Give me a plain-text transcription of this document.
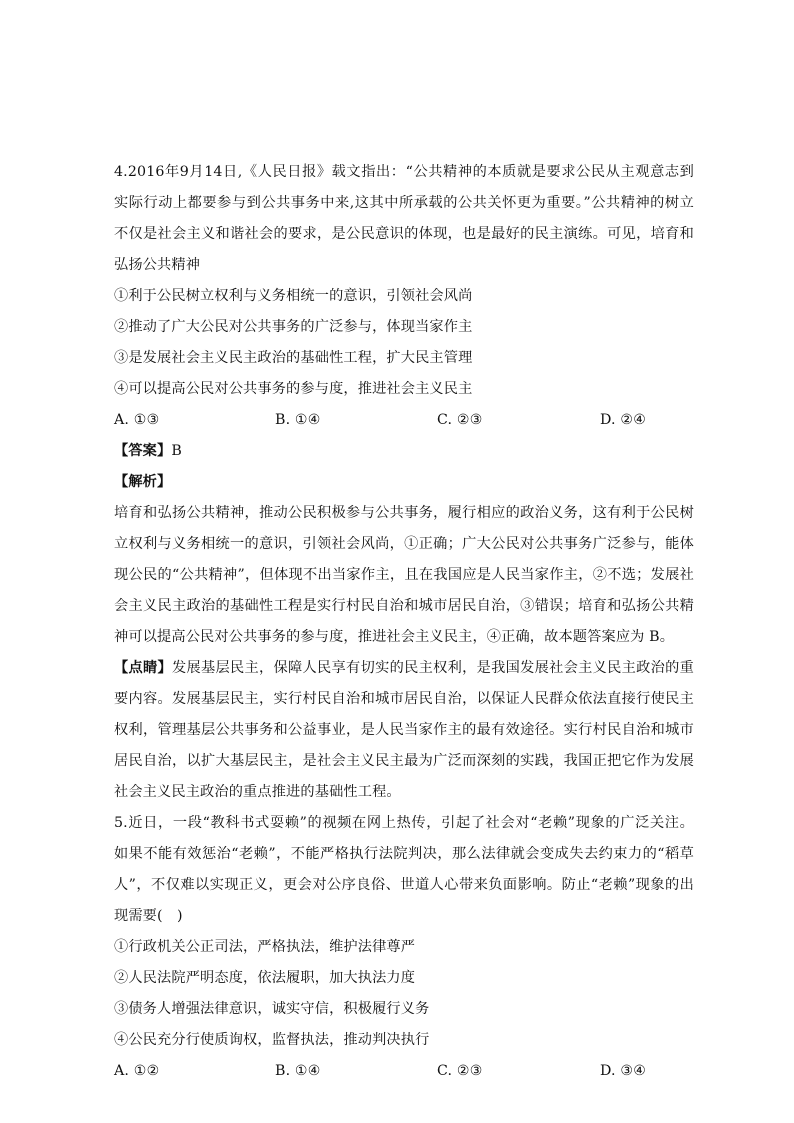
4.2016年9月14日,《人民日报》载文指出：“公共精神的本质就是要求公民从主观意志到
实际行动上都要参与到公共事务中来,这其中所承载的公共关怀更为重要。”公共精神的树立
不仅是社会主义和谐社会的要求，是公民意识的体现，也是最好的民主演练。可见，培育和
弘扬公共精神
①利于公民树立权利与义务相统一的意识，引领社会风尚
②推动了广大公民对公共事务的广泛参与，体现当家作主
③是发展社会主义民主政治的基础性工程，扩大民主管理
④可以提高公民对公共事务的参与度，推进社会主义民主
A. ①③	B. ①④	C. ②③	D. ②④
【答案】B
【解析】
培育和弘扬公共精神，推动公民积极参与公共事务，履行相应的政治义务，这有利于公民树
立权利与义务相统一的意识，引领社会风尚，①正确；广大公民对公共事务广泛参与，能体
现公民的“公共精神”，但体现不出当家作主，且在我国应是人民当家作主，②不选；发展社
会主义民主政治的基础性工程是实行村民自治和城市居民自治，③错误；培育和弘扬公共精
神可以提高公民对公共事务的参与度，推进社会主义民主，④正确，故本题答案应为 B。
【点睛】发展基层民主，保障人民享有切实的民主权利，是我国发展社会主义民主政治的重
要内容。发展基层民主，实行村民自治和城市居民自治，以保证人民群众依法直接行使民主
权利，管理基层公共事务和公益事业，是人民当家作主的最有效途径。实行村民自治和城市
居民自治，以扩大基层民主，是社会主义民主最为广泛而深刻的实践，我国正把它作为发展
社会主义民主政治的重点推进的基础性工程。
5.近日，一段“教科书式耍赖”的视频在网上热传，引起了社会对“老赖”现象的广泛关注。
如果不能有效惩治“老赖”，不能严格执行法院判决，那么法律就会变成失去约束力的“稻草
人”，不仅难以实现正义，更会对公序良俗、世道人心带来负面影响。防止“老赖”现象的出
现需要(　)
①行政机关公正司法，严格执法，维护法律尊严
②人民法院严明态度，依法履职，加大执法力度
③债务人增强法律意识，诚实守信，积极履行义务
④公民充分行使质询权，监督执法，推动判决执行
A. ①②	B. ①④	C. ②③	D. ③④
